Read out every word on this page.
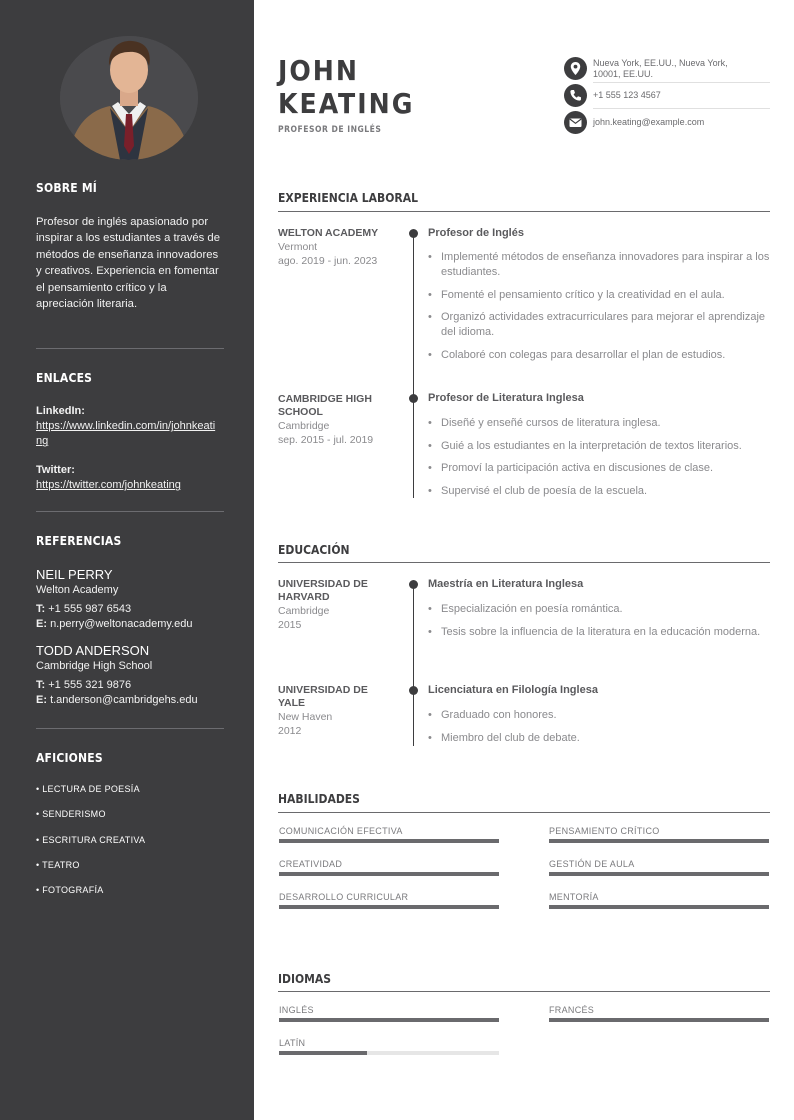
SOBRE MÍ
Profesor de inglés apasionado por inspirar a los estudiantes a través de métodos de enseñanza innovadores y creativos. Experiencia en fomentar el pensamiento crítico y la apreciación literaria.
ENLACES
LinkedIn:
https://www.linkedin.com/in/johnkeating
Twitter:
https://twitter.com/johnkeating
REFERENCIAS
NEIL PERRY
Welton Academy
T: +1 555 987 6543
E: n.perry@weltonacademy.edu
TODD ANDERSON
Cambridge High School
T: +1 555 321 9876
E: t.anderson@cambridgehs.edu
AFICIONES
• LECTURA DE POESÍA
• SENDERISMO
• ESCRITURA CREATIVA
• TEATRO
• FOTOGRAFÍA
JOHN
KEATING
PROFESOR DE INGLÉS
Nueva York, EE.UU., Nueva York, 10001, EE.UU.
+1 555 123 4567
john.keating@example.com
EXPERIENCIA LABORAL
WELTON ACADEMY
Vermont
ago. 2019 - jun. 2023
Profesor de Inglés
• Implementé métodos de enseñanza innovadores para inspirar a los estudiantes.
• Fomenté el pensamiento crítico y la creatividad en el aula.
• Organizó actividades extracurriculares para mejorar el aprendizaje del idioma.
• Colaboré con colegas para desarrollar el plan de estudios.
CAMBRIDGE HIGH SCHOOL
Cambridge
sep. 2015 - jul. 2019
Profesor de Literatura Inglesa
• Diseñé y enseñé cursos de literatura inglesa.
• Guié a los estudiantes en la interpretación de textos literarios.
• Promoví la participación activa en discusiones de clase.
• Supervisé el club de poesía de la escuela.
EDUCACIÓN
UNIVERSIDAD DE HARVARD
Cambridge
2015
Maestría en Literatura Inglesa
• Especialización en poesía romántica.
• Tesis sobre la influencia de la literatura en la educación moderna.
UNIVERSIDAD DE YALE
New Haven
2012
Licenciatura en Filología Inglesa
• Graduado con honores.
• Miembro del club de debate.
HABILIDADES
COMUNICACIÓN EFECTIVA	PENSAMIENTO CRÍTICO
CREATIVIDAD	GESTIÓN DE AULA
DESARROLLO CURRICULAR	MENTORÍA
IDIOMAS
INGLÉS	FRANCÉS
LATÍN
